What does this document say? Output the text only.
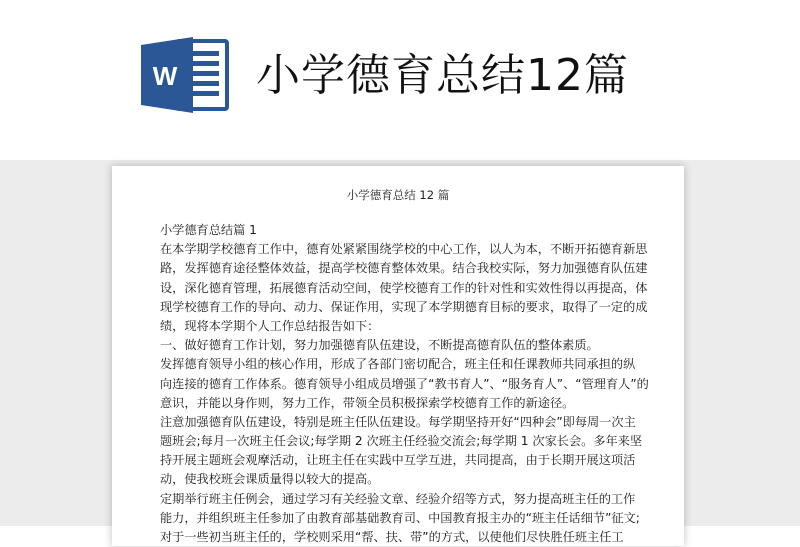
W 小学德育总结12篇
小学德育总结 12 篇
小学德育总结篇 1
在本学期学校德育工作中，德育处紧紧围绕学校的中心工作，以人为本，不断开拓德育新思
路，发挥德育途径整体效益，提高学校德育整体效果。结合我校实际，努力加强德育队伍建
设，深化德育管理，拓展德育活动空间，使学校德育工作的针对性和实效性得以再提高，体
现学校德育工作的导向、动力、保证作用，实现了本学期德育目标的要求，取得了一定的成
绩，现将本学期个人工作总结报告如下：
一、做好德育工作计划，努力加强德育队伍建设，不断提高德育队伍的整体素质。
发挥德育领导小组的核心作用，形成了各部门密切配合，班主任和任课教师共同承担的纵
向连接的德育工作体系。德育领导小组成员增强了“教书育人”、“服务育人”、“管理育人”的
意识，并能以身作则，努力工作，带领全员积极探索学校德育工作的新途径。
注意加强德育队伍建设，特别是班主任队伍建设。每学期坚持开好“四种会”即每周一次主
题班会;每月一次班主任会议;每学期 2 次班主任经验交流会;每学期 1 次家长会。多年来坚
持开展主题班会观摩活动，让班主任在实践中互学互进，共同提高，由于长期开展这项活
动，使我校班会课质量得以较大的提高。
定期举行班主任例会，通过学习有关经验文章、经验介绍等方式，努力提高班主任的工作
能力，并组织班主任参加了由教育部基础教育司、中国教育报主办的“班主任话细节”征文;
对于一些初当班主任的，学校则采用“帮、扶、带”的方式，以使他们尽快胜任班主任工
